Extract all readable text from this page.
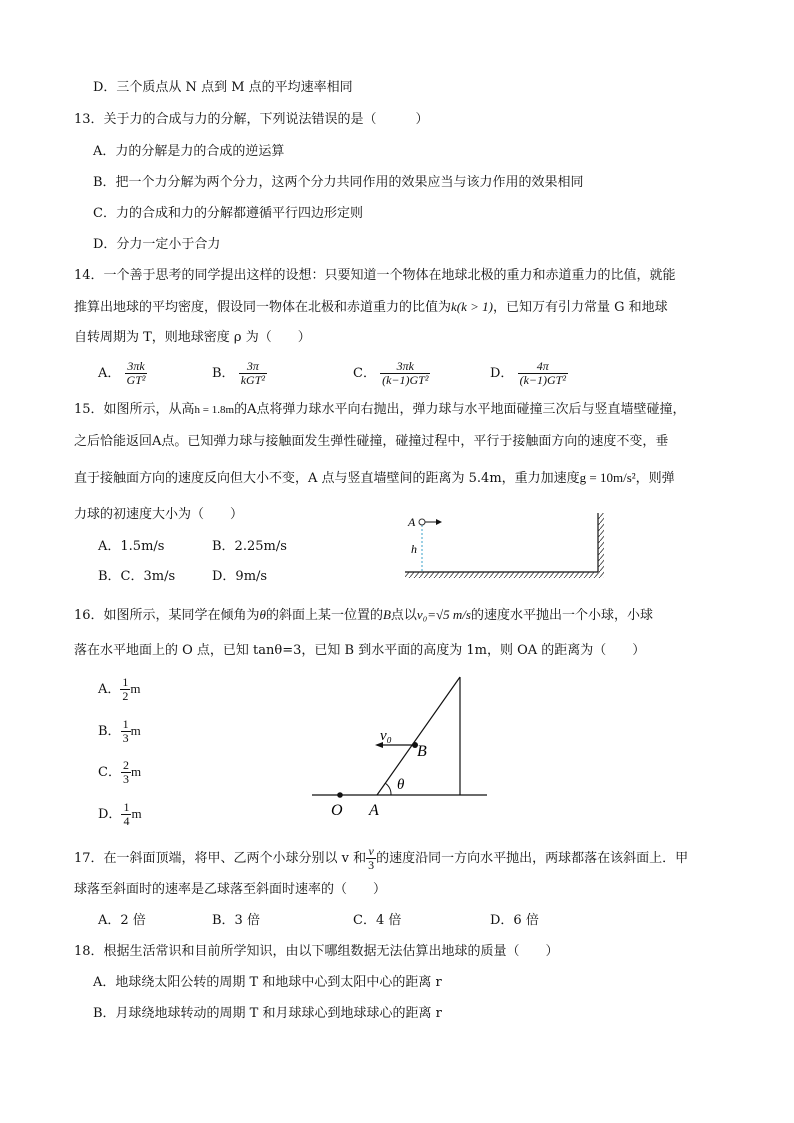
D．三个质点从 N 点到 M 点的平均速率相同
13．关于力的合成与力的分解，下列说法错误的是（　　　）
A．力的分解是力的合成的逆运算
B．把一个力分解为两个分力，这两个分力共同作用的效果应当与该力作用的效果相同
C．力的合成和力的分解都遵循平行四边形定则
D．分力一定小于合力
14．一个善于思考的同学提出这样的设想：只要知道一个物体在地球北极的重力和赤道重力的比值，就能
推算出地球的平均密度，假设同一物体在北极和赤道重力的比值为k(k > 1)，已知万有引力常量 G 和地球
自转周期为 T，则地球密度 ρ 为（　　）
A． $\frac{3\pi k}{\text{GT²}}$	B． $\frac{3\pi}{\text{kGT²}}$	C． $\frac{3\pi k}{\text{(k−1)GT²}}$	D． $\frac{4\pi}{\text{(k−1)GT²}}$
15．如图所示，从高h = 1.8m的A点将弹力球水平向右抛出，弹力球与水平地面碰撞三次后与竖直墙壁碰撞，
之后恰能返回A点。已知弹力球与接触面发生弹性碰撞，碰撞过程中，平行于接触面方向的速度不变，垂
直于接触面方向的速度反向但大小不变，A 点与竖直墙壁间的距离为 5.4m，重力加速度g = 10m/s²，则弹
力球的初速度大小为（　　）
A．1.5m/s	B．2.25m/s
B．C．3m/s	D．9m/s
A
h
16．如图所示，某同学在倾角为θ的斜面上某一位置的B点以v₀=√5 m/s的速度水平抛出一个小球，小球
落在水平地面上的 O 点，已知 tanθ=3，已知 B 到水平面的高度为 1m，则 OA 的距离为（　　）
A． $\frac{1}{2}$ m
B． $\frac{1}{3}$ m
C． $\frac{2}{3}$ m
D． $\frac{1}{4}$ m
v₀
B
θ
O A
17．在一斜面顶端，将甲、乙两个小球分别以 v 和 $\frac{v}{3}$ 的速度沿同一方向水平抛出，两球都落在该斜面上．甲
球落至斜面时的速率是乙球落至斜面时速率的（　　）
A．2 倍	B．3 倍	C．4 倍	D．6 倍
18．根据生活常识和目前所学知识，由以下哪组数据无法估算出地球的质量（　　）
A．地球绕太阳公转的周期 T 和地球中心到太阳中心的距离 r
B．月球绕地球转动的周期 T 和月球球心到地球球心的距离 r
